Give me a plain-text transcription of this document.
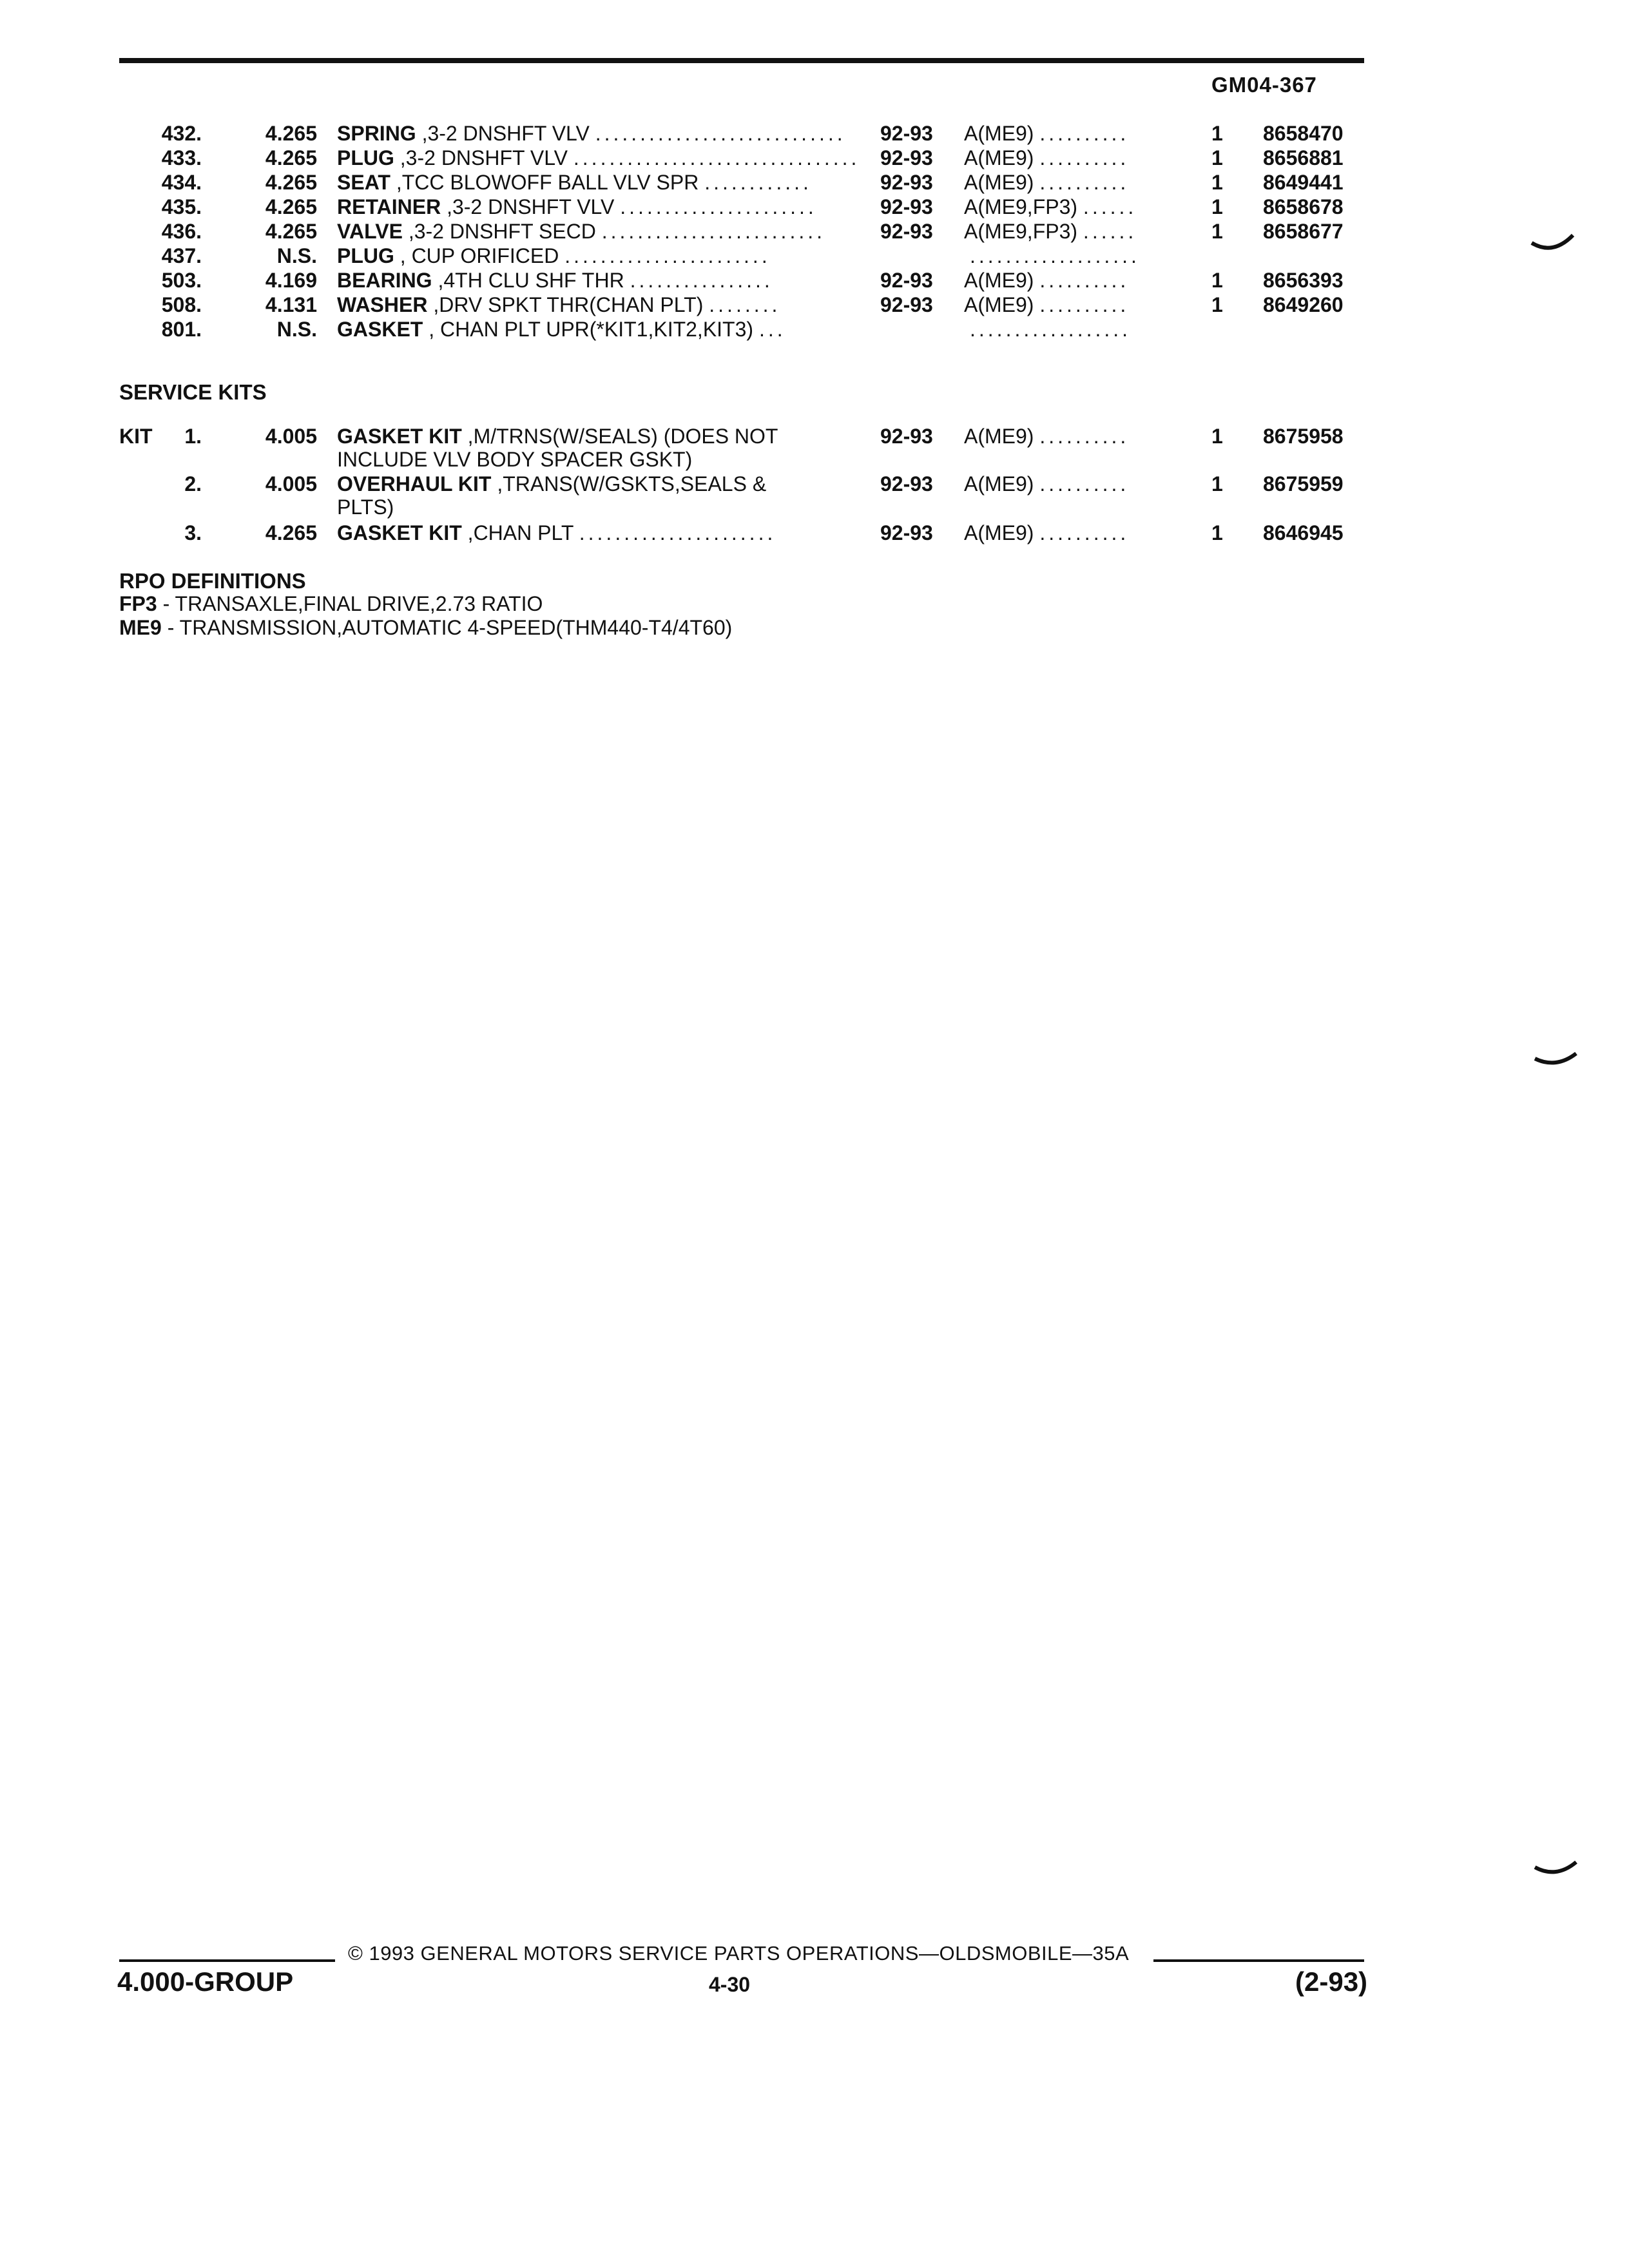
GM04-367
432.	4.265 SPRING ,3-2 DNSHFT VLV ............................	92-93 A(ME9) ..........	1 8658470
433.	4.265 PLUG ,3-2 DNSHFT VLV ................................ 92-93 A(ME9) ..........	1 8656881
434.	4.265 SEAT ,TCC BLOWOFF BALL VLV SPR ............	92-93 A(ME9) ..........	1 8649441
435.	4.265 RETAINER ,3-2 DNSHFT VLV ......................	92-93 A(ME9,FP3) ......	1 8658678
436.	4.265 VALVE ,3-2 DNSHFT SECD .........................	92-93 A(ME9,FP3) ......	1 8658677
437.	N.S. PLUG , CUP ORIFICED .......................	...................
503.	4.169 BEARING ,4TH CLU SHF THR ................	92-93 A(ME9) ..........	1 8656393
508.	4.131 WASHER ,DRV SPKT THR(CHAN PLT) ........	92-93 A(ME9) ..........	1 8649260
801.	N.S. GASKET , CHAN PLT UPR(*KIT1,KIT2,KIT3) ...	..................
SERVICE KITS
KIT	1.	4.005 GASKET KIT ,M/TRNS(W/SEALS) (DOES NOT	92-93 A(ME9) ..........	1 8675958
INCLUDE VLV BODY SPACER GSKT)
2.	4.005 OVERHAUL KIT ,TRANS(W/GSKTS,SEALS &	92-93 A(ME9) ..........	1 8675959
PLTS)
3.	4.265 GASKET KIT ,CHAN PLT ......................	92-93 A(ME9) ..........	1 8646945
RPO DEFINITIONS
FP3 - TRANSAXLE,FINAL DRIVE,2.73 RATIO
ME9 - TRANSMISSION,AUTOMATIC 4-SPEED(THM440-T4/4T60)
© 1993 GENERAL MOTORS SERVICE PARTS OPERATIONS—OLDSMOBILE—35A
4.000-GROUP	4-30	(2-93)
